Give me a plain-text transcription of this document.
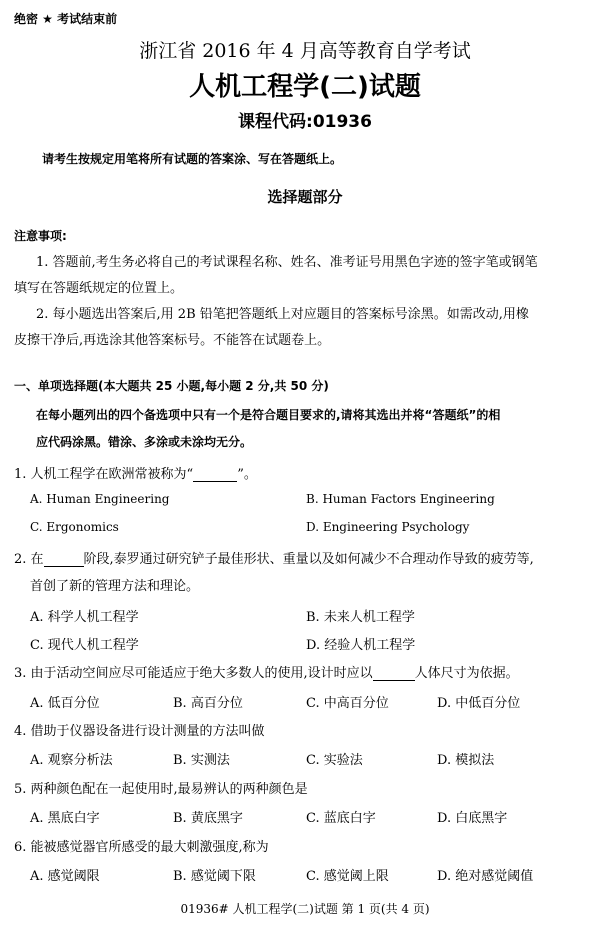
绝密 ★ 考试结束前
浙江省 2016 年 4 月高等教育自学考试
人机工程学(二)试题
课程代码:01936
请考生按规定用笔将所有试题的答案涂、写在答题纸上。
选择题部分
注意事项:
1. 答题前,考生务必将自己的考试课程名称、姓名、准考证号用黑色字迹的签字笔或钢笔
填写在答题纸规定的位置上。
2. 每小题选出答案后,用 2B 铅笔把答题纸上对应题目的答案标号涂黑。如需改动,用橡
皮擦干净后,再选涂其他答案标号。不能答在试题卷上。
一、单项选择题(本大题共 25 小题,每小题 2 分,共 50 分)
在每小题列出的四个备选项中只有一个是符合题目要求的,请将其选出并将“答题纸”的相
应代码涂黑。错涂、多涂或未涂均无分。
1. 人机工程学在欧洲常被称为“	”。
A. Human Engineering	B. Human Factors Engineering
C. Ergonomics	D. Engineering Psychology
2. 在	阶段,泰罗通过研究铲子最佳形状、重量以及如何减少不合理动作导致的疲劳等,
首创了新的管理方法和理论。
A. 科学人机工程学	B. 未来人机工程学
C. 现代人机工程学	D. 经验人机工程学
3. 由于活动空间应尽可能适应于绝大多数人的使用,设计时应以	人体尺寸为依据。
A. 低百分位	B. 高百分位	C. 中高百分位	D. 中低百分位
4. 借助于仪器设备进行设计测量的方法叫做
A. 观察分析法	B. 实测法	C. 实验法	D. 模拟法
5. 两种颜色配在一起使用时,最易辨认的两种颜色是
A. 黑底白字	B. 黄底黑字	C. 蓝底白字	D. 白底黑字
6. 能被感觉器官所感受的最大刺激强度,称为
A. 感觉阈限	B. 感觉阈下限	C. 感觉阈上限	D. 绝对感觉阈值
01936# 人机工程学(二)试题 第 1 页(共 4 页)
